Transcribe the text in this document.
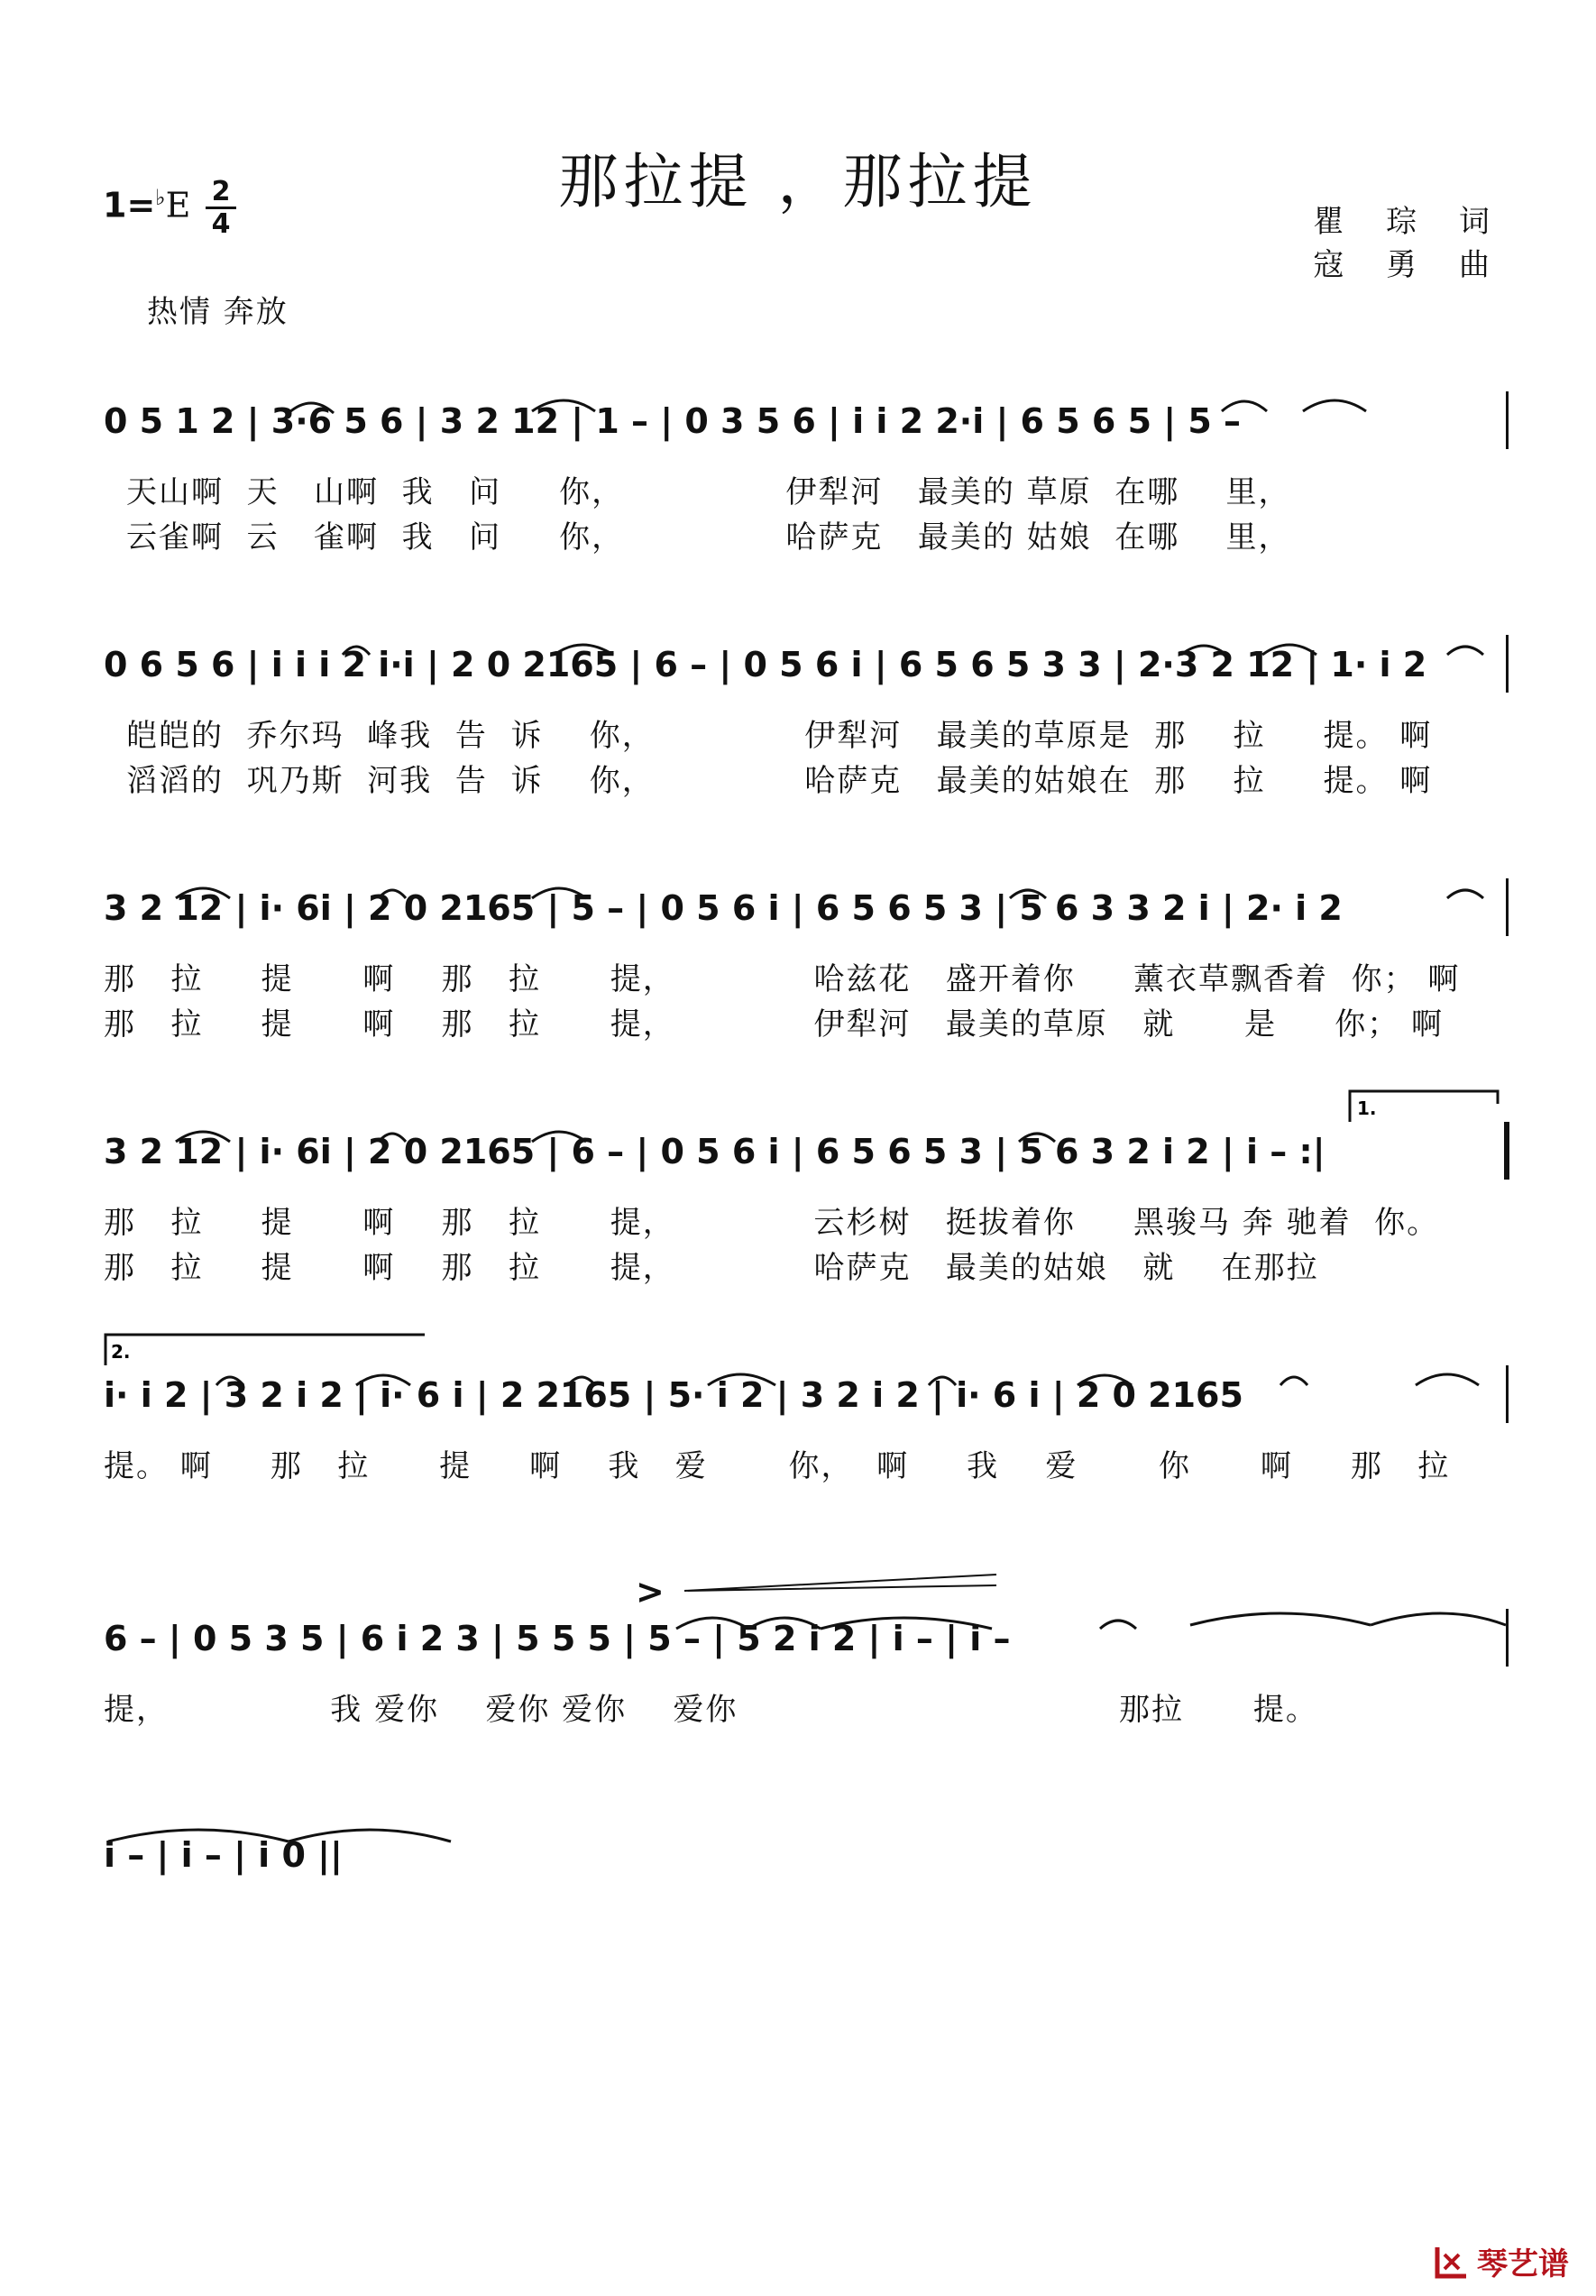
那拉提 ，那拉提
$1=^♭E \frac{2}{4}$	瞿 琮 词
寇 勇 曲
热情 奔放
0 5 1 2 | 3·6 5 6 | 3 2 12 | 1 – | 0 3 5 6 | i i 2 2·i | 6 5 6 5 | 5 –
天山啊  天   山啊  我   问     你，              伊犁河   最美的 草原  在哪    里，
云雀啊  云   雀啊  我   问     你，              哈萨克   最美的 姑娘  在哪    里，
0 6 5 6 | i i i 2 i·i | 2 0 2165 | 6 – | 0 5 6 i | 6 5 6 5 3 3 | 2·3 2 12 | 1· i 2
皑皑的  乔尔玛  峰我  告  诉    你，             伊犁河   最美的草原是  那    拉     提。 啊
滔滔的  巩乃斯  河我  告  诉    你，             哈萨克   最美的姑娘在  那    拉     提。 啊
3 2 12 | i· 6i | 2 0 2165 | 5 – | 0 5 6 i | 6 5 6 5 3 | 5 6 3 3 2 i | 2· i 2
那   拉     提      啊    那   拉      提，            哈兹花   盛开着你     薰衣草飘香着  你； 啊
那   拉     提      啊    那   拉      提，            伊犁河   最美的草原   就      是     你； 啊
3 2 12 | i· 6i | 2 0 2165 | 6 – | 0 5 6 i | 6 5 6 5 3 | 5 6 3 2 i 2 | i – :|
1.
那   拉     提      啊    那   拉      提，            云杉树   挺拔着你     黑骏马 奔 驰着  你。
那   拉     提      啊    那   拉      提，            哈萨克   最美的姑娘   就    在那拉
2.
i· i 2 | 3 2 i 2 | i· 6 i | 2 2165 | 5· i 2 | 3 2 i 2 | i· 6 i | 2 0 2165
提。 啊     那   拉      提     啊    我   爱       你，  啊     我    爱       你      啊     那   拉
6 – | 0 5 3 5 | 6 i 2 3 | 5 5 5 | 5 – | 5 2 i 2 | i – | i –
>
提，              我 爱你    爱你 爱你    爱你                                 那拉      提。
i – | i – | i 0 ||
琴艺谱
